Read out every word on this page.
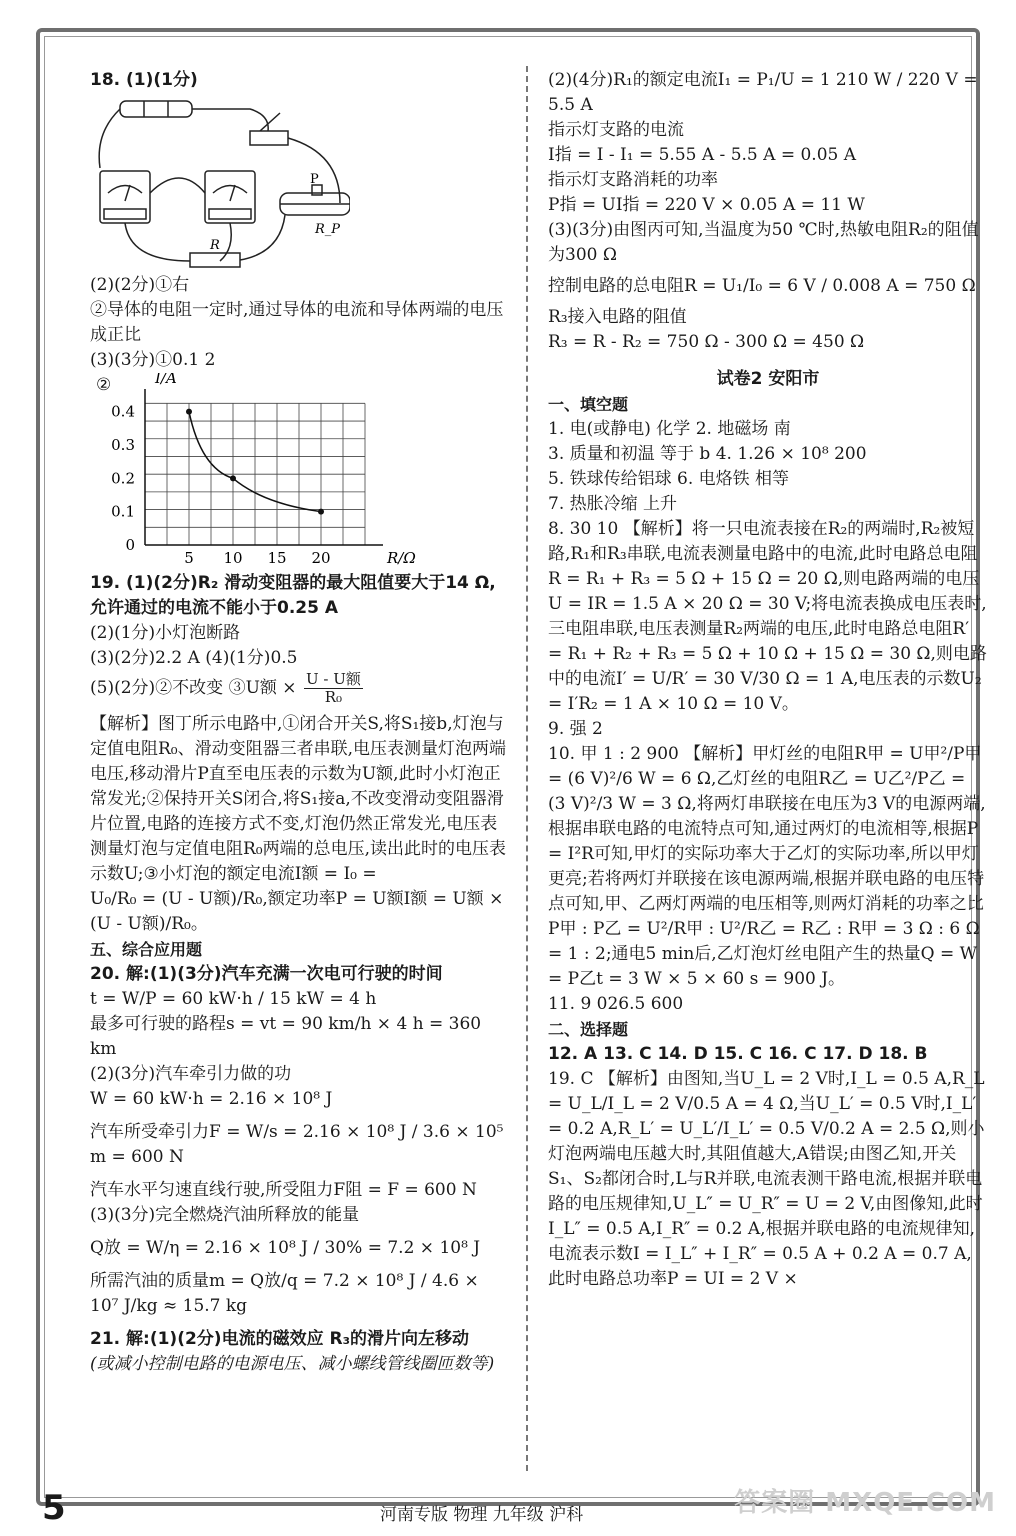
18. (1)(1分)

P
R_P
R

(2)(2分)①右

②导体的电阻一定时,通过导体的电流和导体两端的电压成正比

(3)(3分)①0.1 2

②
5 10 15 20
0
0.1
0.2
0.3
0.4
I/A
R/Ω

19. (1)(2分)R₂ 滑动变阻器的最大阻值要大于14 Ω,允许通过的电流不能小于0.25 A

(2)(1分)小灯泡断路

(3)(2分)2.2 A (4)(1分)0.5

(5)(2分)②不改变 ③U额 × $\frac{\text{U - U额}}{\text{R₀}}$

【解析】图丁所示电路中,①闭合开关S,将S₁接b,灯泡与定值电阻R₀、滑动变阻器三者串联,电压表测量灯泡两端电压,移动滑片P直至电压表的示数为U额,此时小灯泡正常发光;②保持开关S闭合,将S₁接a,不改变滑动变阻器滑片位置,电路的连接方式不变,灯泡仍然正常发光,电压表测量灯泡与定值电阻R₀两端的总电压,读出此时的电压表示数U;③小灯泡的额定电流I额 = I₀ =

U₀/R₀ = (U - U额)/R₀,额定功率P = U额I额 = U额 × (U - U额)/R₀。

五、综合应用题

20. 解:(1)(3分)汽车充满一次电可行驶的时间

t = W/P = 60 kW·h / 15 kW = 4 h

最多可行驶的路程s = vt = 90 km/h × 4 h = 360 km

(2)(3分)汽车牵引力做的功

W = 60 kW·h = 2.16 × 10⁸ J

汽车所受牵引力F = W/s = 2.16 × 10⁸ J / 3.6 × 10⁵ m = 600 N

汽车水平匀速直线行驶,所受阻力F阻 = F = 600 N

(3)(3分)完全燃烧汽油所释放的能量

Q放 = W/η = 2.16 × 10⁸ J / 30% = 7.2 × 10⁸ J

所需汽油的质量m = Q放/q = 7.2 × 10⁸ J / 4.6 × 10⁷ J/kg ≈ 15.7 kg

21. 解:(1)(2分)电流的磁效应 R₃的滑片向左移动

(或减小控制电路的电源电压、减小螺线管线圈匝数等)

(2)(4分)R₁的额定电流I₁ = P₁/U = 1 210 W / 220 V = 5.5 A

指示灯支路的电流

I指 = I - I₁ = 5.55 A - 5.5 A = 0.05 A

指示灯支路消耗的功率

P指 = UI指 = 220 V × 0.05 A = 11 W

(3)(3分)由图丙可知,当温度为50 ℃时,热敏电阻R₂的阻值为300 Ω

控制电路的总电阻R = U₁/I₀ = 6 V / 0.008 A = 750 Ω

R₃接入电路的阻值

R₃ = R - R₂ = 750 Ω - 300 Ω = 450 Ω

试卷2 安阳市

一、填空题

1. 电(或静电) 化学 2. 地磁场 南

3. 质量和初温 等于 b 4. 1.26 × 10⁸ 200

5. 铁球传给铝球 6. 电烙铁 相等

7. 热胀冷缩 上升

8. 30 10 【解析】将一只电流表接在R₂的两端时,R₂被短路,R₁和R₃串联,电流表测量电路中的电流,此时电路总电阻R = R₁ + R₃ = 5 Ω + 15 Ω = 20 Ω,则电路两端的电压U = IR = 1.5 A × 20 Ω = 30 V;将电流表换成电压表时,三电阻串联,电压表测量R₂两端的电压,此时电路总电阻R′ = R₁ + R₂ + R₃ = 5 Ω + 10 Ω + 15 Ω = 30 Ω,则电路中的电流I′ = U/R′ = 30 V/30 Ω = 1 A,电压表的示数U₂ = I′R₂ = 1 A × 10 Ω = 10 V。

9. 强 2

10. 甲 1 : 2 900 【解析】甲灯丝的电阻R甲 = U甲²/P甲 = (6 V)²/6 W = 6 Ω,乙灯丝的电阻R乙 = U乙²/P乙 = (3 V)²/3 W = 3 Ω,将两灯串联接在电压为3 V的电源两端,根据串联电路的电流特点可知,通过两灯的电流相等,根据P = I²R可知,甲灯的实际功率大于乙灯的实际功率,所以甲灯更亮;若将两灯并联接在该电源两端,根据并联电路的电压特点可知,甲、乙两灯两端的电压相等,则两灯消耗的功率之比P甲 : P乙 = U²/R甲 : U²/R乙 = R乙 : R甲 = 3 Ω : 6 Ω = 1 : 2;通电5 min后,乙灯泡灯丝电阻产生的热量Q = W = P乙t = 3 W × 5 × 60 s = 900 J。

11. 9 026.5 600

二、选择题

12. A 13. C 14. D 15. C 16. C 17. D 18. B

19. C 【解析】由图知,当U_L = 2 V时,I_L = 0.5 A,R_L = U_L/I_L = 2 V/0.5 A = 4 Ω,当U_L′ = 0.5 V时,I_L′ = 0.2 A,R_L′ = U_L′/I_L′ = 0.5 V/0.2 A = 2.5 Ω,则小灯泡两端电压越大时,其阻值越大,A错误;由图乙知,开关S₁、S₂都闭合时,L与R并联,电流表测干路电流,根据并联电路的电压规律知,U_L″ = U_R″ = U = 2 V,由图像知,此时I_L″ = 0.5 A,I_R″ = 0.2 A,根据并联电路的电流规律知,电流表示数I = I_L″ + I_R″ = 0.5 A + 0.2 A = 0.7 A,此时电路总功率P = UI = 2 V ×

5	河南专版 物理 九年级 沪科	答案圈 MXQE.COM
